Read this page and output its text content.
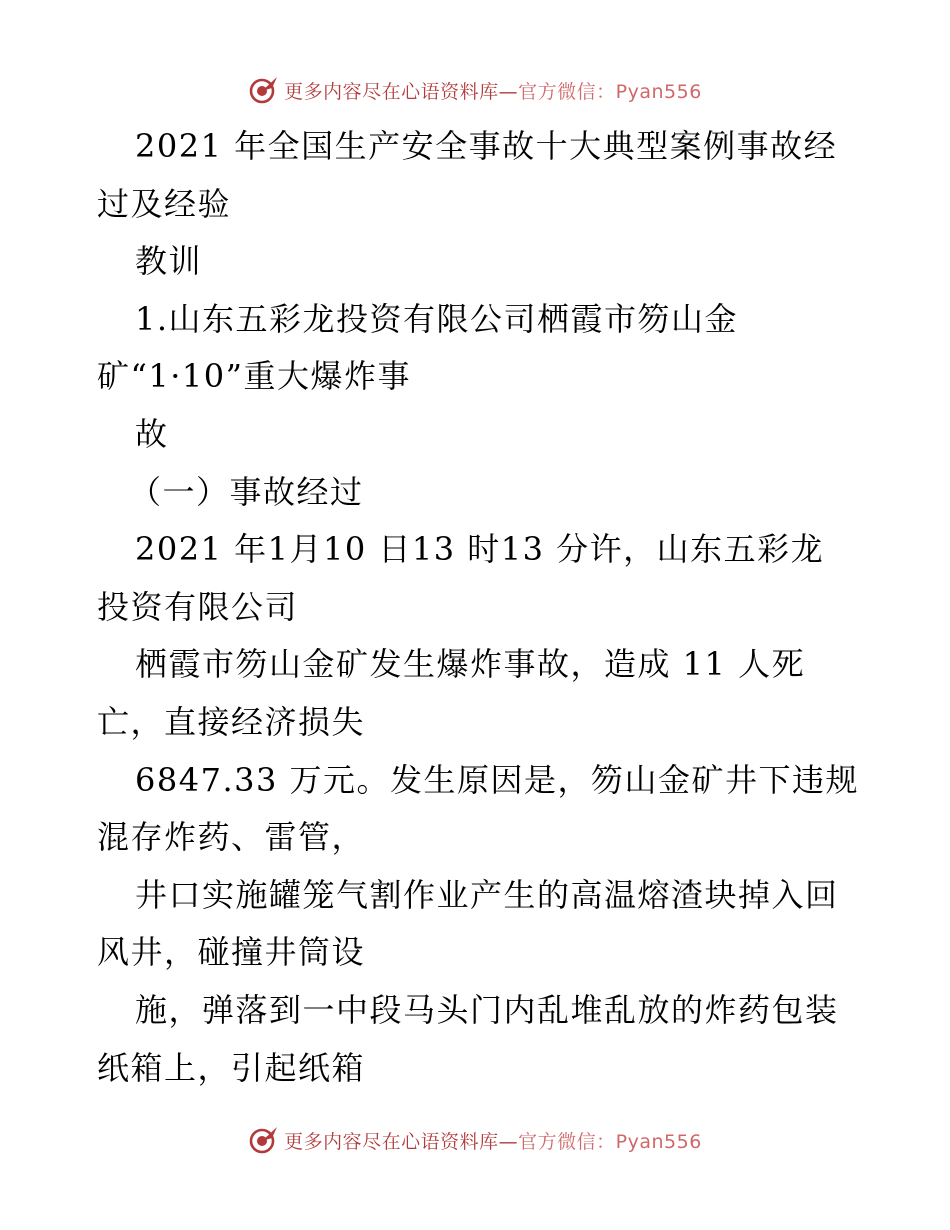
更多内容尽在心语资料库— 官方微信：Pyan556
2021 年全国生产安全事故十大典型案例事故经
过及经验
教训
1.山东五彩龙投资有限公司栖霞市笏山金
矿“1·10”重大爆炸事
故
（一）事故经过
2021 年1月10 日13 时13 分许，山东五彩龙
投资有限公司
栖霞市笏山金矿发生爆炸事故，造成 11 人死
亡，直接经济损失
6847.33 万元。发生原因是，笏山金矿井下违规
混存炸药、雷管，
井口实施罐笼气割作业产生的高温熔渣块掉入回
风井，碰撞井筒设
施，弹落到一中段马头门内乱堆乱放的炸药包装
纸箱上，引起纸箱
更多内容尽在心语资料库— 官方微信：Pyan556
